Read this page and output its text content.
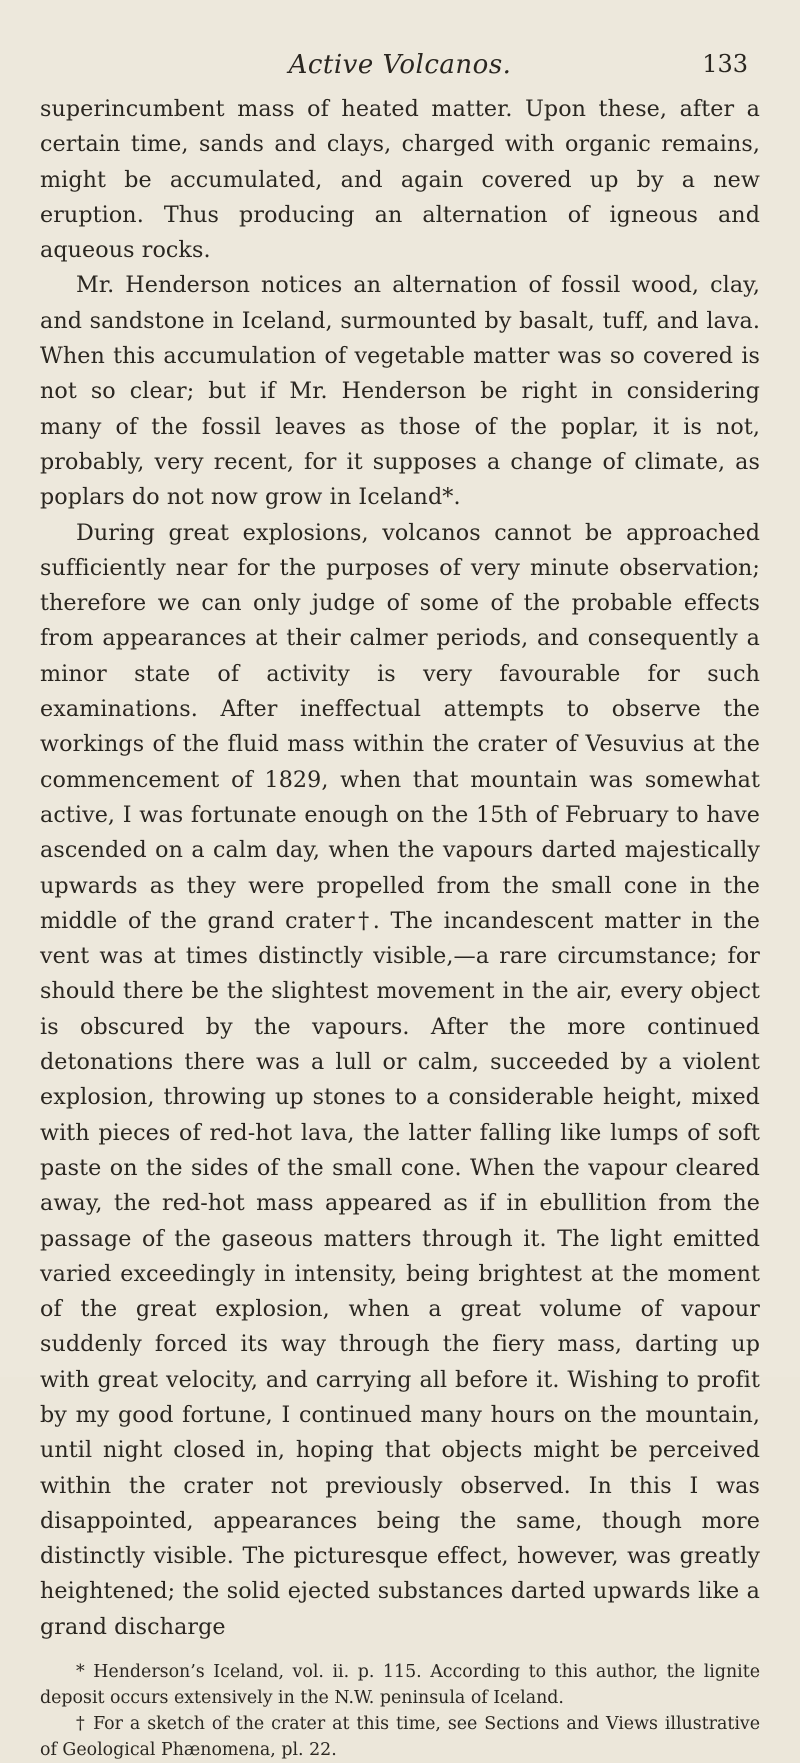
Active Volcanos.	133

superincumbent mass of heated matter. Upon these, after a certain time, sands and clays, charged with organic remains, might be accumulated, and again covered up by a new eruption. Thus producing an alternation of igneous and aqueous rocks.

Mr. Henderson notices an alternation of fossil wood, clay, and sandstone in Iceland, surmounted by basalt, tuff, and lava. When this accumulation of vegetable matter was so covered is not so clear; but if Mr. Henderson be right in considering many of the fossil leaves as those of the poplar, it is not, probably, very recent, for it supposes a change of climate, as poplars do not now grow in Iceland*.

During great explosions, volcanos cannot be approached sufficiently near for the purposes of very minute observation; therefore we can only judge of some of the probable effects from appearances at their calmer periods, and consequently a minor state of activity is very favourable for such examinations. After ineffectual attempts to observe the workings of the fluid mass within the crater of Vesuvius at the commencement of 1829, when that mountain was somewhat active, I was fortunate enough on the 15th of February to have ascended on a calm day, when the vapours darted majestically upwards as they were propelled from the small cone in the middle of the grand crater†. The incandescent matter in the vent was at times distinctly visible,—a rare circumstance; for should there be the slightest movement in the air, every object is obscured by the vapours. After the more continued detonations there was a lull or calm, succeeded by a violent explosion, throwing up stones to a considerable height, mixed with pieces of red-hot lava, the latter falling like lumps of soft paste on the sides of the small cone. When the vapour cleared away, the red-hot mass appeared as if in ebullition from the passage of the gaseous matters through it. The light emitted varied exceedingly in intensity, being brightest at the moment of the great explosion, when a great volume of vapour suddenly forced its way through the fiery mass, darting up with great velocity, and carrying all before it. Wishing to profit by my good fortune, I continued many hours on the mountain, until night closed in, hoping that objects might be perceived within the crater not previously observed. In this I was disappointed, appearances being the same, though more distinctly visible. The picturesque effect, however, was greatly heightened; the solid ejected substances darted upwards like a grand discharge

* Henderson’s Iceland, vol. ii. p. 115. According to this author, the lignite deposit occurs extensively in the N.W. peninsula of Iceland.

† For a sketch of the crater at this time, see Sections and Views illustrative of Geological Phænomena, pl. 22.
